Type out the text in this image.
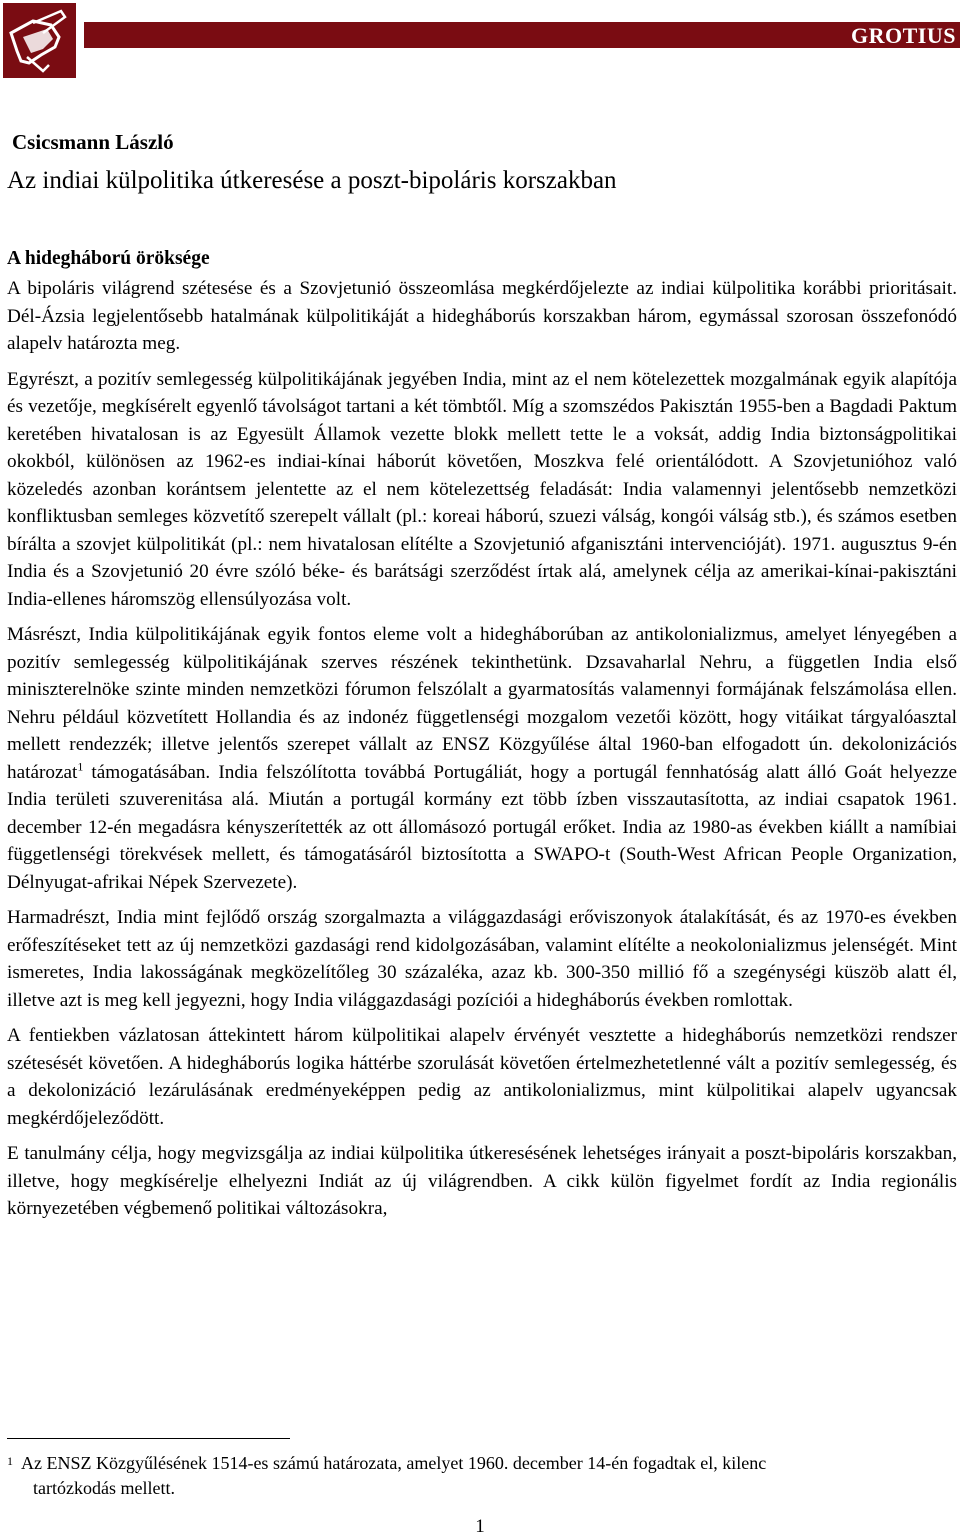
GROTIUS
Csicsmann László
Az indiai külpolitika útkeresése a poszt-bipoláris korszakban
A hidegháború öröksége

A bipoláris világrend szétesése és a Szovjetunió összeomlása megkérdőjelezte az indiai külpolitika korábbi prioritásait. Dél-Ázsia legjelentősebb hatalmának külpolitikáját a hidegháborús korszakban három, egymással szorosan összefonódó alapelv határozta meg.

Egyrészt, a pozitív semlegesség külpolitikájának jegyében India, mint az el nem kötelezettek mozgalmának egyik alapítója és vezetője, megkísérelt egyenlő távolságot tartani a két tömbtől. Míg a szomszédos Pakisztán 1955-ben a Bagdadi Paktum keretében hivatalosan is az Egyesült Államok vezette blokk mellett tette le a voksát, addig India biztonságpolitikai okokból, különösen az 1962-es indiai-kínai háborút követően, Moszkva felé orientálódott. A Szovjetunióhoz való közeledés azonban korántsem jelentette az el nem kötelezettség feladását: India valamennyi jelentősebb nemzetközi konfliktusban semleges közvetítő szerepelt vállalt (pl.: koreai háború, szuezi válság, kongói válság stb.), és számos esetben bírálta a szovjet külpolitikát (pl.: nem hivatalosan elítélte a Szovjetunió afganisztáni intervencióját). 1971. augusztus 9-én India és a Szovjetunió 20 évre szóló béke- és barátsági szerződést írtak alá, amelynek célja az amerikai-kínai-pakisztáni India-ellenes háromszög ellensúlyozása volt.

Másrészt, India külpolitikájának egyik fontos eleme volt a hidegháborúban az antikolonializmus, amelyet lényegében a pozitív semlegesség külpolitikájának szerves részének tekinthetünk. Dzsavaharlal Nehru, a független India első miniszterelnöke szinte minden nemzetközi fórumon felszólalt a gyarmatosítás valamennyi formájának felszámolása ellen. Nehru például közvetített Hollandia és az indonéz függetlenségi mozgalom vezetői között, hogy vitáikat tárgyalóasztal mellett rendezzék; illetve jelentős szerepet vállalt az ENSZ Közgyűlése által 1960-ban elfogadott ún. dekolonizációs határozat$^1$ támogatásában. India felszólította továbbá Portugáliát, hogy a portugál fennhatóság alatt álló Goát helyezze India területi szuverenitása alá. Miután a portugál kormány ezt több ízben visszautasította, az indiai csapatok 1961. december 12-én megadásra kényszerítették az ott állomásozó portugál erőket. India az 1980-as években kiállt a namíbiai függetlenségi törekvések mellett, és támogatásáról biztosította a SWAPO-t (South-West African People Organization, Délnyugat-afrikai Népek Szervezete).

Harmadrészt, India mint fejlődő ország szorgalmazta a világgazdasági erőviszonyok átalakítását, és az 1970-es években erőfeszítéseket tett az új nemzetközi gazdasági rend kidolgozásában, valamint elítélte a neokolonializmus jelenségét. Mint ismeretes, India lakosságának megközelítőleg 30 százaléka, azaz kb. 300-350 millió fő a szegénységi küszöb alatt él, illetve azt is meg kell jegyezni, hogy India világgazdasági pozíciói a hidegháborús években romlottak.

A fentiekben vázlatosan áttekintett három külpolitikai alapelv érvényét vesztette a hidegháborús nemzetközi rendszer szétesését követően. A hidegháborús logika háttérbe szorulását követően értelmezhetetlenné vált a pozitív semlegesség, és a dekolonizáció lezárulásának eredményeképpen pedig az antikolonializmus, mint külpolitikai alapelv ugyancsak megkérdőjeleződött.

E tanulmány célja, hogy megvizsgálja az indiai külpolitika útkeresésének lehetséges irányait a poszt-bipoláris korszakban, illetve, hogy megkísérelje elhelyezni Indiát az új világrendben. A cikk külön figyelmet fordít az India regionális környezetében végbemenő politikai változásokra,

$^1$ Az ENSZ Közgyűlésének 1514-es számú határozata, amelyet 1960. december 14-én fogadtak el, kilenc
tartózkodás mellett.
1
